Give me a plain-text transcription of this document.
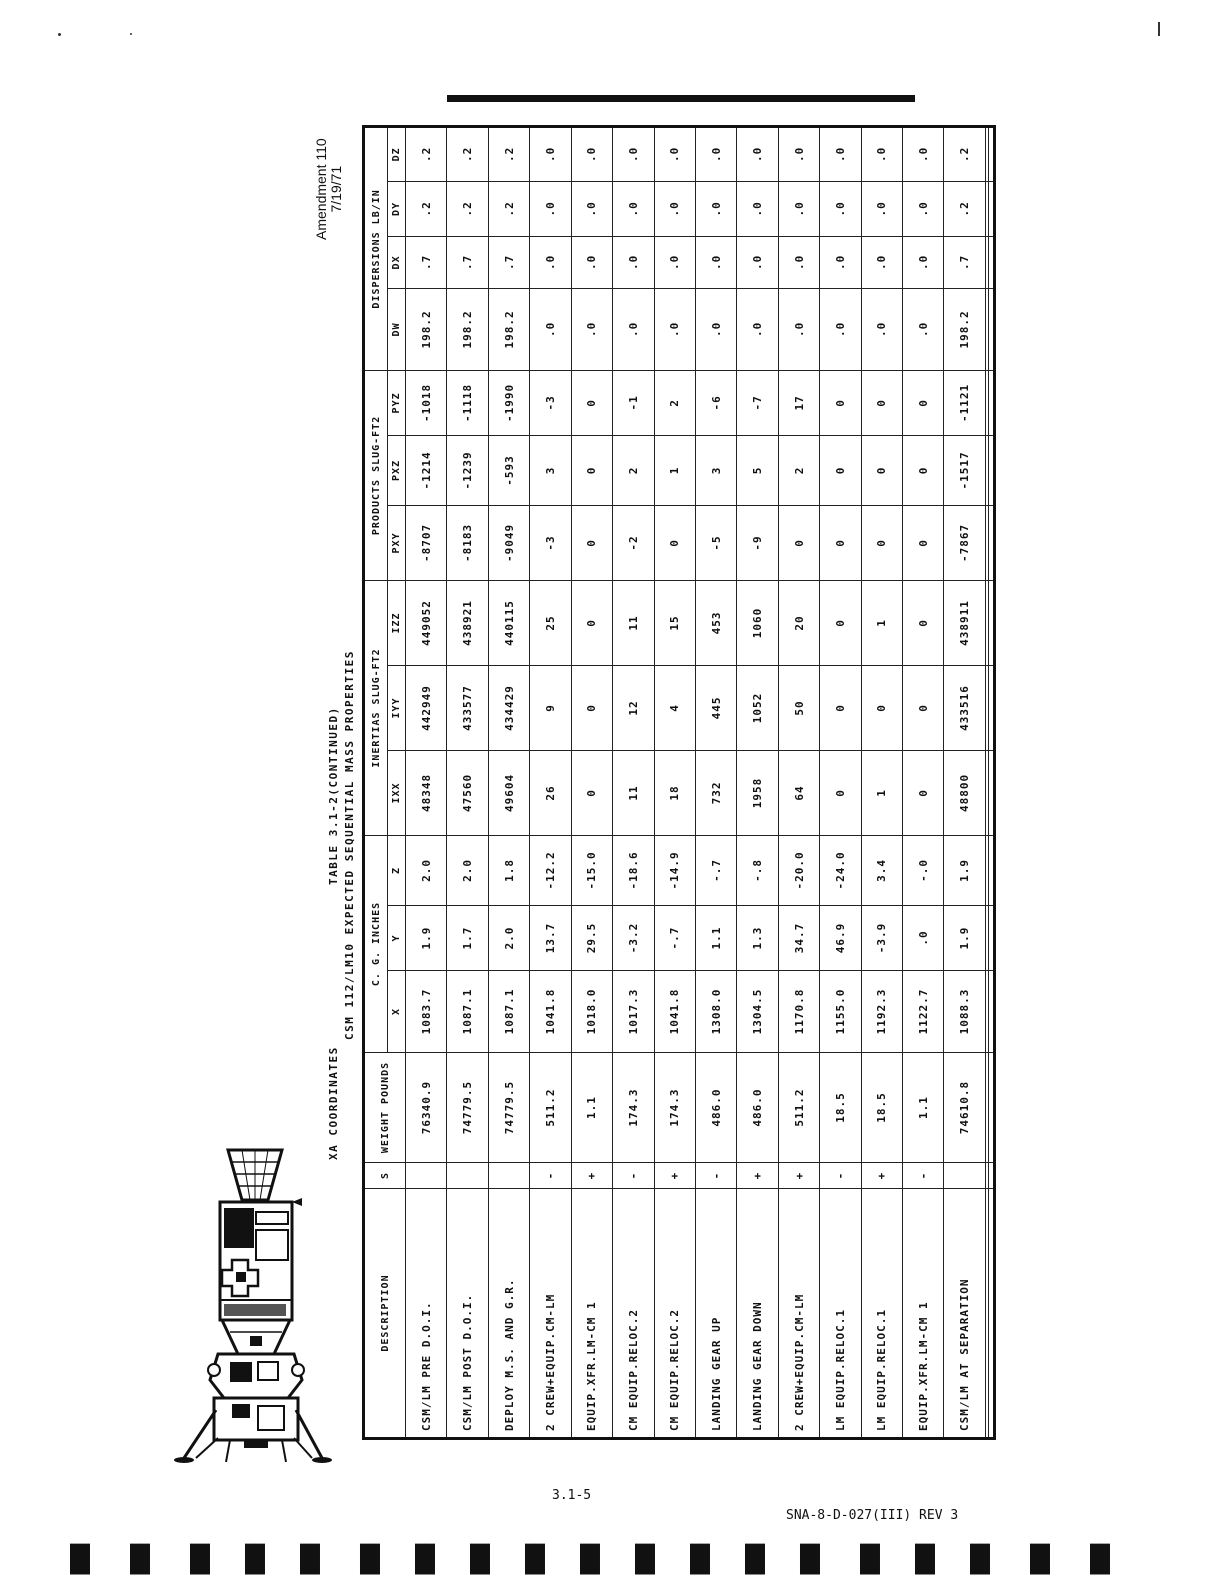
Amendment 110 7/19/71
XA COORDINATES
TABLE 3.1-2(CONTINUED) CSM 112/LM10 EXPECTED SEQUENTIAL MASS PROPERTIES
DESCRIPTION	S	WEIGHT POUNDS	C. G. INCHES			INERTIAS SLUG-FT2			PRODUCTS SLUG-FT2			DISPERSIONS LB/IN			
			X	Y	Z	IXX	IYY	IZZ	PXY	PXZ	PYZ	DW	DX	DY	DZ
CSM/LM PRE D.O.I.		76340.9	1083.7	1.9	2.0	48348	442949	449052	-8707	-1214	-1018	198.2	.7	.2	.2
CSM/LM POST D.O.I.		74779.5	1087.1	1.7	2.0	47560	433577	438921	-8183	-1239	-1118	198.2	.7	.2	.2
DEPLOY M.S. AND G.R.		74779.5	1087.1	2.0	1.8	49604	434429	440115	-9049	-593	-1990	198.2	.7	.2	.2
2 CREW+EQUIP.CM-LM	-	511.2	1041.8	13.7	-12.2	26	9	25	-3	3	-3	.0	.0	.0	.0
EQUIP.XFR.LM-CM 1	+	1.1	1018.0	29.5	-15.0	0	0	0	0	0	0	.0	.0	.0	.0
CM EQUIP.RELOC.2	-	174.3	1017.3	-3.2	-18.6	11	12	11	-2	2	-1	.0	.0	.0	.0
CM EQUIP.RELOC.2	+	174.3	1041.8	-.7	-14.9	18	4	15	0	1	2	.0	.0	.0	.0
LANDING GEAR UP	-	486.0	1308.0	1.1	-.7	732	445	453	-5	3	-6	.0	.0	.0	.0
LANDING GEAR DOWN	+	486.0	1304.5	1.3	-.8	1958	1052	1060	-9	5	-7	.0	.0	.0	.0
2 CREW+EQUIP.CM-LM	+	511.2	1170.8	34.7	-20.0	64	50	20	0	2	17	.0	.0	.0	.0
LM EQUIP.RELOC.1	-	18.5	1155.0	46.9	-24.0	0	0	0	0	0	0	.0	.0	.0	.0
LM EQUIP.RELOC.1	+	18.5	1192.3	-3.9	3.4	1	0	1	0	0	0	.0	.0	.0	.0
EQUIP.XFR.LM-CM 1	-	1.1	1122.7	.0	-.0	0	0	0	0	0	0	.0	.0	.0	.0
CSM/LM AT SEPARATION		74610.8	1088.3	1.9	1.9	48800	433516	438911	-7867	-1517	-1121	198.2	.7	.2	.2

3.1-5
SNA-8-D-027(III) REV 3
▐▌ ▐▌ ▐▌ ▐▌ ▐▌ ▐▌ ▐▌ ▐▌ ▐▌ ▐▌ ▐▌ ▐▌ ▐▌ ▐▌ ▐▌ ▐▌ ▐▌ ▐▌ ▐▌
